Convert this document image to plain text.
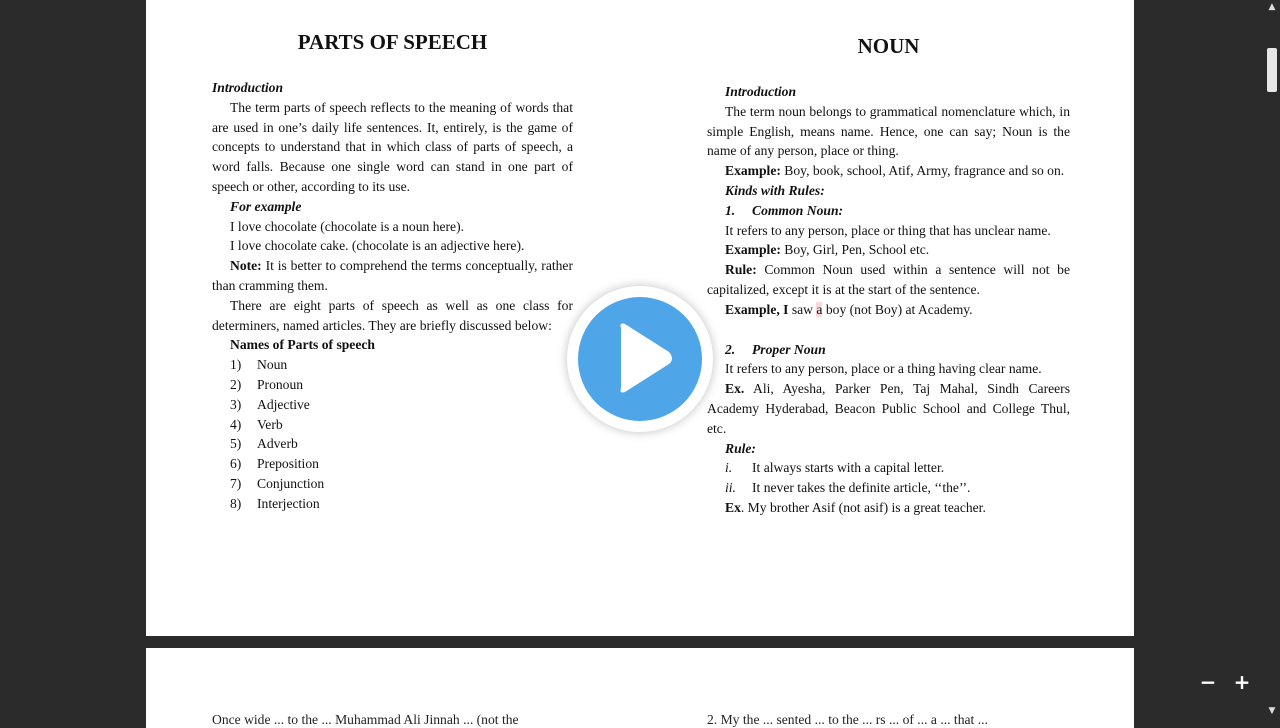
PARTS OF SPEECH

Introduction

The term parts of speech reflects to the meaning of words that are used in one’s daily life sentences. It, entirely, is the game of concepts to understand that in which class of parts of speech, a word falls. Because one single word can stand in one part of speech or other, according to its use.

For example

I love chocolate (chocolate is a noun here).

I love chocolate cake. (chocolate is an adjective here).

Note: It is better to comprehend the terms conceptually, rather than cramming them.

There are eight parts of speech as well as one class for determiners, named articles. They are briefly discussed below:

Names of Parts of speech

1) Noun
2) Pronoun
3) Adjective
4) Verb
5) Adverb
6) Preposition
7) Conjunction
8) Interjection
NOUN

Introduction

The term noun belongs to grammatical nomenclature which, in simple English, means name. Hence, one can say; Noun is the name of any person, place or thing.

Example: Boy, book, school, Atif, Army, fragrance and so on.

Kinds with Rules:

1. Common Noun:

It refers to any person, place or thing that has unclear name.

Example: Boy, Girl, Pen, School etc.

Rule: Common Noun used within a sentence will not be capitalized, except it is at the start of the sentence.

Example, I saw a boy (not Boy) at Academy.

2. Proper Noun

It refers to any person, place or a thing having clear name.

Ex. Ali, Ayesha, Parker Pen, Taj Mahal, Sindh Careers Academy Hyderabad, Beacon Public School and College Thul, etc.

Rule:

i. It always starts with a capital letter.

ii. It never takes the definite article, ‘‘the’’.

Ex. My brother Asif (not asif) is a great teacher.

Once wide ... to the ... Muhammad Ali Jinnah ... (not the	2. My the ... sented ... to the ... rs ... of ... a ... that ...
▲
▼
− +
